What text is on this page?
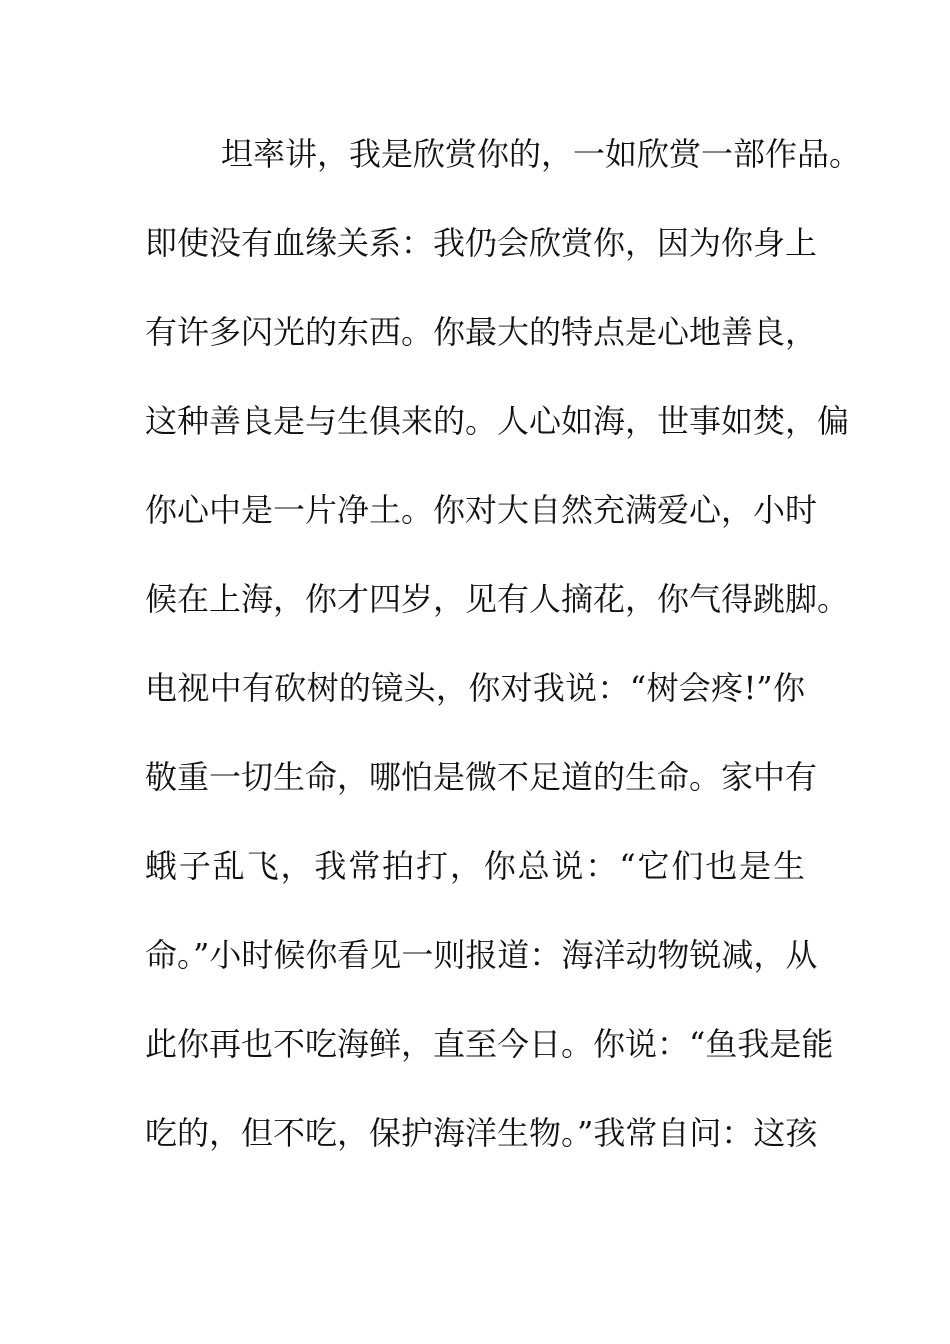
坦率讲，我是欣赏你的，一如欣赏一部作品。
即使没有血缘关系：我仍会欣赏你，因为你身上
有许多闪光的东西。你最大的特点是心地善良，
这种善良是与生俱来的。人心如海，世事如焚，偏
你心中是一片净土。你对大自然充满爱心，小时
候在上海，你才四岁，见有人摘花，你气得跳脚。
电视中有砍树的镜头，你对我说：“树会疼!”你
敬重一切生命，哪怕是微不足道的生命。家中有
蛾子乱飞，我常拍打，你总说：“它们也是生
命。”小时候你看见一则报道：海洋动物锐减，从
此你再也不吃海鲜，直至今日。你说：“鱼我是能
吃的，但不吃，保护海洋生物。”我常自问：这孩
